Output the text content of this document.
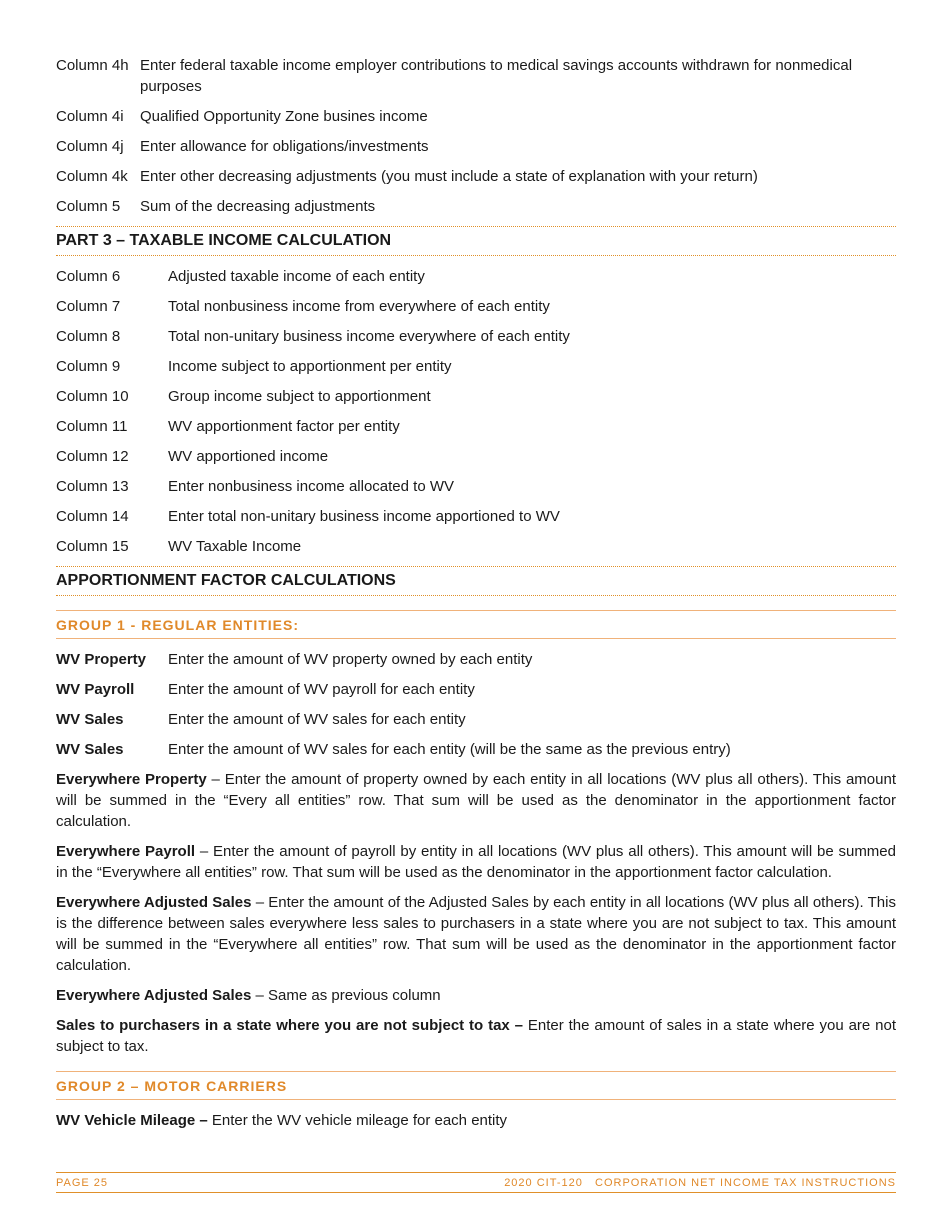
Column 4h Enter federal taxable income employer contributions to medical savings accounts withdrawn for nonmedical purposes
Column 4i	Qualified Opportunity Zone busines income
Column 4j	Enter allowance for obligations/investments
Column 4k Enter other decreasing adjustments (you must include a state of explanation with your return)
Column 5	Sum of the decreasing adjustments
PART 3 – TAXABLE INCOME CALCULATION
Column 6	Adjusted taxable income of each entity
Column 7	Total nonbusiness income from everywhere of each entity
Column 8	Total non-unitary business income everywhere of each entity
Column 9	Income subject to apportionment per entity
Column 10	Group income subject to apportionment
Column 11	WV apportionment factor per entity
Column 12	WV apportioned income
Column 13	Enter nonbusiness income allocated to WV
Column 14	Enter total non-unitary business income apportioned to WV
Column 15	WV Taxable Income
APPORTIONMENT FACTOR CALCULATIONS
GROUP 1 - REGULAR ENTITIES:
WV Property	Enter the amount of WV property owned by each entity
WV Payroll	Enter the amount of WV payroll for each entity
WV Sales	Enter the amount of WV sales for each entity
WV Sales	Enter the amount of WV sales for each entity (will be the same as the previous entry)

Everywhere Property – Enter the amount of property owned by each entity in all locations (WV plus all others). This amount will be summed in the “Every all entities” row. That sum will be used as the denominator in the apportionment factor calculation.

Everywhere Payroll – Enter the amount of payroll by entity in all locations (WV plus all others). This amount will be summed in the “Everywhere all entities” row. That sum will be used as the denominator in the apportionment factor calculation.

Everywhere Adjusted Sales – Enter the amount of the Adjusted Sales by each entity in all locations (WV plus all others). This is the difference between sales everywhere less sales to purchasers in a state where you are not subject to tax. This amount will be summed in the “Everywhere all entities” row. That sum will be used as the denominator in the apportionment factor calculation.

Everywhere Adjusted Sales – Same as previous column

Sales to purchasers in a state where you are not subject to tax – Enter the amount of sales in a state where you are not subject to tax.

GROUP 2 – MOTOR CARRIERS

WV Vehicle Mileage – Enter the WV vehicle mileage for each entity

PAGE 25	2020 CIT-120   CORPORATION NET INCOME TAX INSTRUCTIONS
